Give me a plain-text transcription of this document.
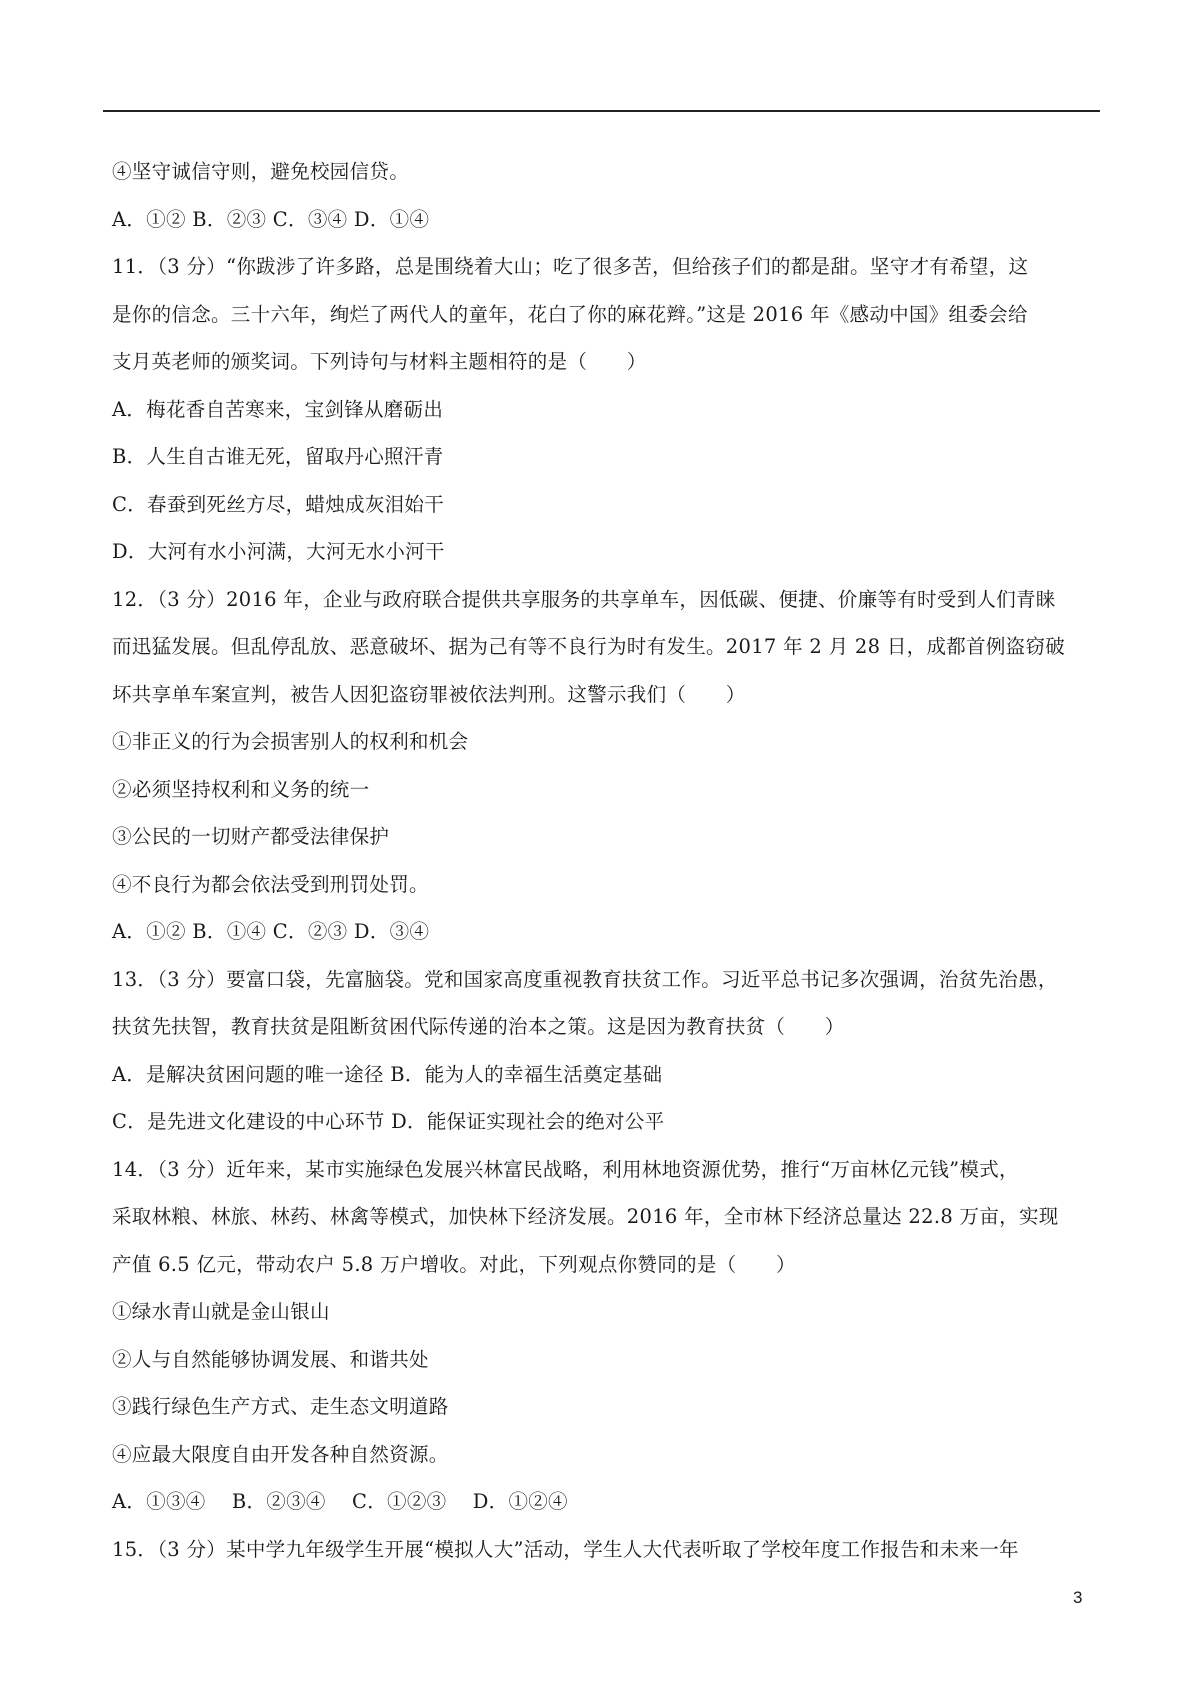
④坚守诚信守则，避免校园信贷。
A．①② B．②③ C．③④ D．①④
11．（3 分）“你跋涉了许多路，总是围绕着大山；吃了很多苦，但给孩子们的都是甜。坚守才有希望，这
是你的信念。三十六年，绚烂了两代人的童年，花白了你的麻花辫。”这是 2016 年《感动中国》组委会给
支月英老师的颁奖词。下列诗句与材料主题相符的是（　　）
A．梅花香自苦寒来，宝剑锋从磨砺出
B．人生自古谁无死，留取丹心照汗青
C．春蚕到死丝方尽，蜡烛成灰泪始干
D．大河有水小河满，大河无水小河干
12．（3 分）2016 年，企业与政府联合提供共享服务的共享单车，因低碳、便捷、价廉等有时受到人们青睐
而迅猛发展。但乱停乱放、恶意破坏、据为己有等不良行为时有发生。2017 年 2 月 28 日，成都首例盗窃破
坏共享单车案宣判，被告人因犯盗窃罪被依法判刑。这警示我们（　　）
①非正义的行为会损害别人的权利和机会
②必须坚持权利和义务的统一
③公民的一切财产都受法律保护
④不良行为都会依法受到刑罚处罚。
A．①② B．①④ C．②③ D．③④
13．（3 分）要富口袋，先富脑袋。党和国家高度重视教育扶贫工作。习近平总书记多次强调，治贫先治愚，
扶贫先扶智，教育扶贫是阻断贫困代际传递的治本之策。这是因为教育扶贫（　　）
A．是解决贫困问题的唯一途径 B．能为人的幸福生活奠定基础
C．是先进文化建设的中心环节 D．能保证实现社会的绝对公平
14．（3 分）近年来，某市实施绿色发展兴林富民战略，利用林地资源优势，推行“万亩林亿元钱”模式，
采取林粮、林旅、林药、林禽等模式，加快林下经济发展。2016 年，全市林下经济总量达 22.8 万亩，实现
产值 6.5 亿元，带动农户 5.8 万户增收。对此，下列观点你赞同的是（　　）
①绿水青山就是金山银山
②人与自然能够协调发展、和谐共处
③践行绿色生产方式、走生态文明道路
④应最大限度自由开发各种自然资源。
A．①③④　 B．②③④　 C．①②③　 D．①②④
15．（3 分）某中学九年级学生开展“模拟人大”活动，学生人大代表听取了学校年度工作报告和未来一年
3
